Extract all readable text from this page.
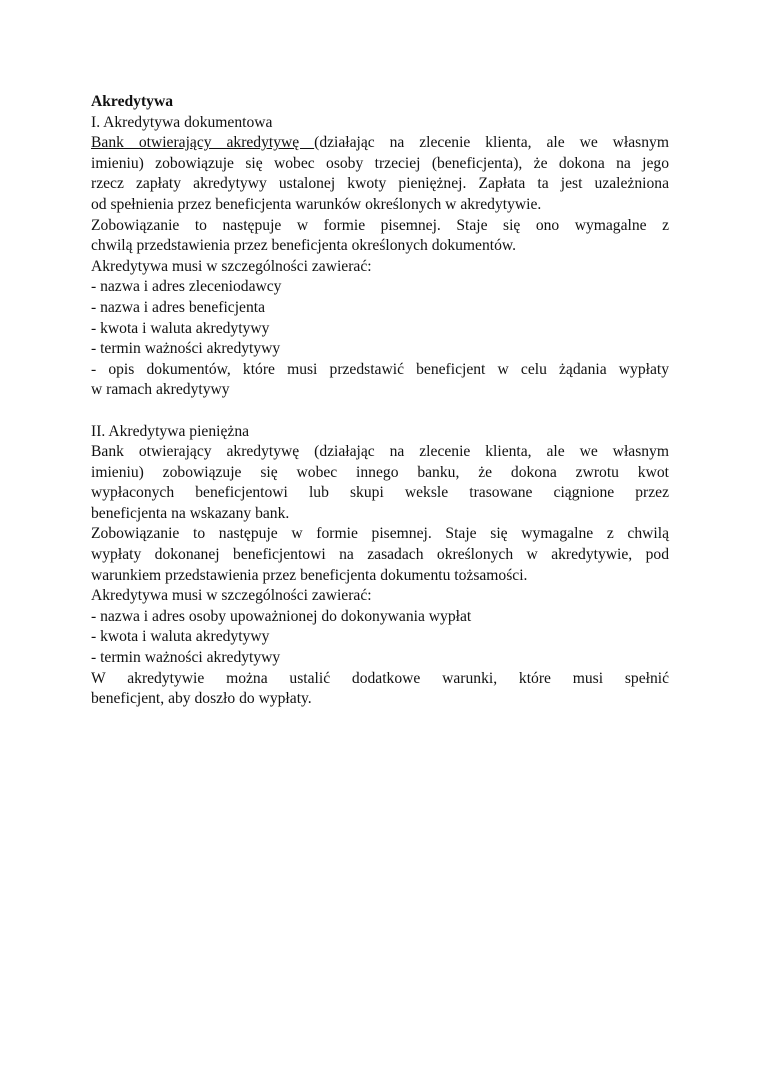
Akredytywa
I. Akredytywa dokumentowa
Bank otwierający akredytywę (działając na zlecenie klienta, ale we własnym
imieniu) zobowiązuje się wobec osoby trzeciej (beneficjenta), że dokona na jego
rzecz zapłaty akredytywy ustalonej kwoty pieniężnej. Zapłata ta jest uzależniona
od spełnienia przez beneficjenta warunków określonych w akredytywie.
Zobowiązanie to następuje w formie pisemnej. Staje się ono wymagalne z
chwilą przedstawienia przez beneficjenta określonych dokumentów.
Akredytywa musi w szczególności zawierać:
- nazwa i adres zleceniodawcy
- nazwa i adres beneficjenta
- kwota i waluta akredytywy
- termin ważności akredytywy
- opis dokumentów, które musi przedstawić beneficjent w celu żądania wypłaty
w ramach akredytywy
II. Akredytywa pieniężna
Bank otwierający akredytywę (działając na zlecenie klienta, ale we własnym
imieniu) zobowiązuje się wobec innego banku, że dokona zwrotu kwot
wypłaconych beneficjentowi lub skupi weksle trasowane ciągnione przez
beneficjenta na wskazany bank.
Zobowiązanie to następuje w formie pisemnej. Staje się wymagalne z chwilą
wypłaty dokonanej beneficjentowi na zasadach określonych w akredytywie, pod
warunkiem przedstawienia przez beneficjenta dokumentu tożsamości.
Akredytywa musi w szczególności zawierać:
- nazwa i adres osoby upoważnionej do dokonywania wypłat
- kwota i waluta akredytywy
- termin ważności akredytywy
W akredytywie można ustalić dodatkowe warunki, które musi spełnić
beneficjent, aby doszło do wypłaty.
